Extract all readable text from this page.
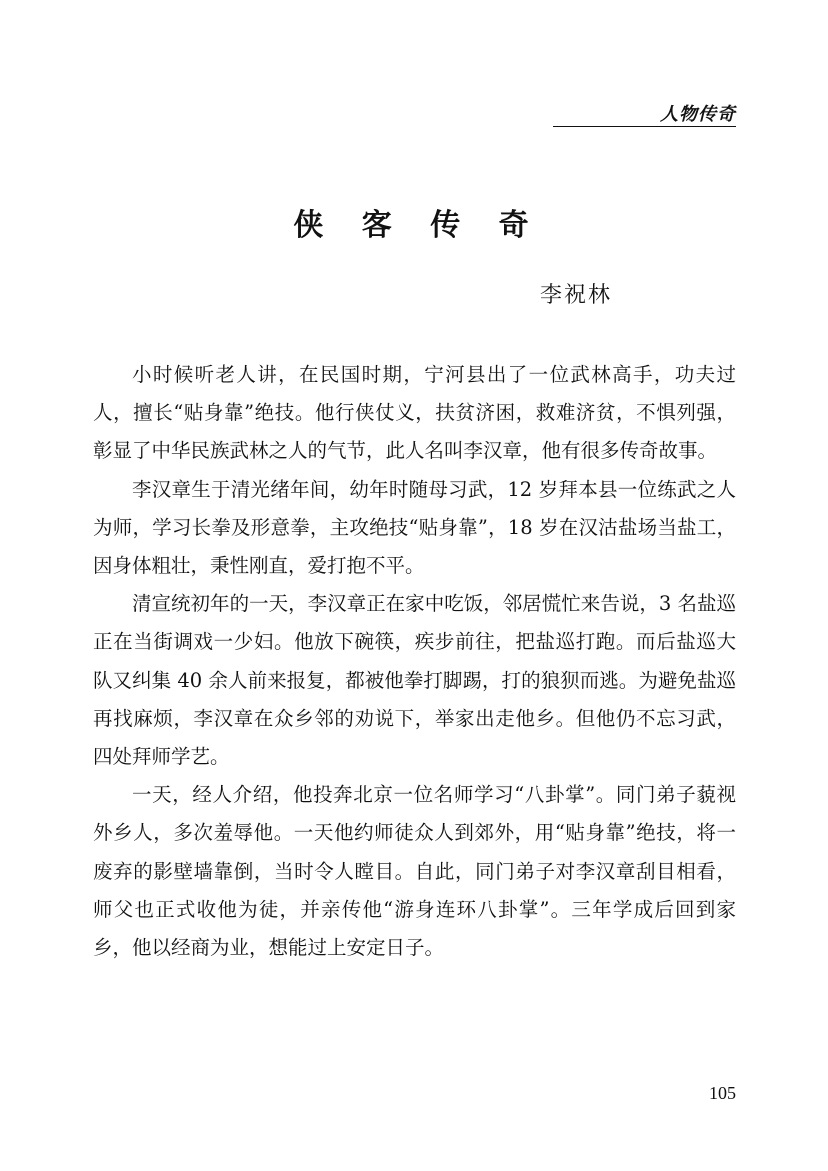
人物传奇
侠 客 传 奇
李祝林

小时候听老人讲，在民国时期，宁河县出了一位武林高手，功夫过人，擅长“贴身靠”绝技。他行侠仗义，扶贫济困，救难济贫，不惧列强，彰显了中华民族武林之人的气节，此人名叫李汉章，他有很多传奇故事。

李汉章生于清光绪年间，幼年时随母习武，12 岁拜本县一位练武之人为师，学习长拳及形意拳，主攻绝技“贴身靠”，18 岁在汉沽盐场当盐工，因身体粗壮，秉性刚直，爱打抱不平。

清宣统初年的一天，李汉章正在家中吃饭，邻居慌忙来告说，3 名盐巡正在当街调戏一少妇。他放下碗筷，疾步前往，把盐巡打跑。而后盐巡大队又纠集 40 余人前来报复，都被他拳打脚踢，打的狼狈而逃。为避免盐巡再找麻烦，李汉章在众乡邻的劝说下，举家出走他乡。但他仍不忘习武，四处拜师学艺。

一天，经人介绍，他投奔北京一位名师学习“八卦掌”。同门弟子藐视外乡人，多次羞辱他。一天他约师徒众人到郊外，用“贴身靠”绝技，将一废弃的影壁墙靠倒，当时令人瞠目。自此，同门弟子对李汉章刮目相看，师父也正式收他为徒，并亲传他“游身连环八卦掌”。三年学成后回到家乡，他以经商为业，想能过上安定日子。

105
